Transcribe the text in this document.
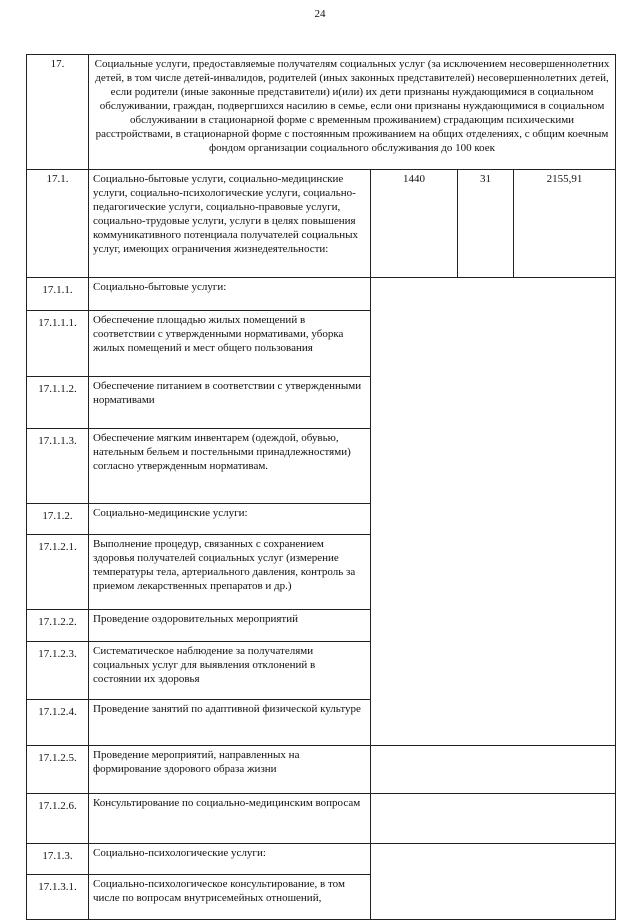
24
17.	Социальные услуги, предоставляемые получателям социальных услуг (за исключением несовершеннолетних детей, в том числе детей-инвалидов, родителей (иных законных представителей) несовершеннолетних детей, если родители (иные законные представители) и(или) их дети признаны нуждающимися в социальном обслуживании, граждан, подвергшихся насилию в семье, если они признаны нуждающимися в социальном обслуживании в стационарной форме с временным проживанием) страдающим психическими расстройствами, в стационарной форме с постоянным проживанием на общих отделениях, с общим коечным фондом организации социального обслуживания до 100 коек			
17.1.	Социально-бытовые услуги, социально-медицинские услуги, социально-психологические услуги, социально-педагогические услуги, социально-правовые услуги, социально-трудовые услуги, услуги в целях повышения коммуникативного потенциала получателей социальных услуг, имеющих ограничения жизнедеятельности:	1440	31	2155,91
17.1.1.	Социально-бытовые услуги:			
17.1.1.1.	Обеспечение площадью жилых помещений в соответствии с утвержденными нормативами, уборка жилых помещений и мест общего пользования			
17.1.1.2.	Обеспечение питанием в соответствии с утвержденными нормативами			
17.1.1.3.	Обеспечение мягким инвентарем (одеждой, обувью, нательным бельем и постельными принадлежностями) согласно утвержденным нормативам.			
17.1.2.	Социально-медицинские услуги:			
17.1.2.1.	Выполнение процедур, связанных с сохранением здоровья получателей социальных услуг (измерение температуры тела, артериального давления, контроль за приемом лекарственных препаратов и др.)			
17.1.2.2.	Проведение оздоровительных мероприятий			
17.1.2.3.	Систематическое наблюдение за получателями социальных услуг для выявления отклонений в состоянии их здоровья			
17.1.2.4.	Проведение занятий по адаптивной физической культуре			
17.1.2.5.	Проведение мероприятий, направленных на формирование здорового образа жизни			
17.1.2.6.	Консультирование по социально-медицинским вопросам			
17.1.3.	Социально-психологические услуги:			
17.1.3.1.	Социально-психологическое консультирование, в том числе по вопросам внутрисемейных отношений,			
